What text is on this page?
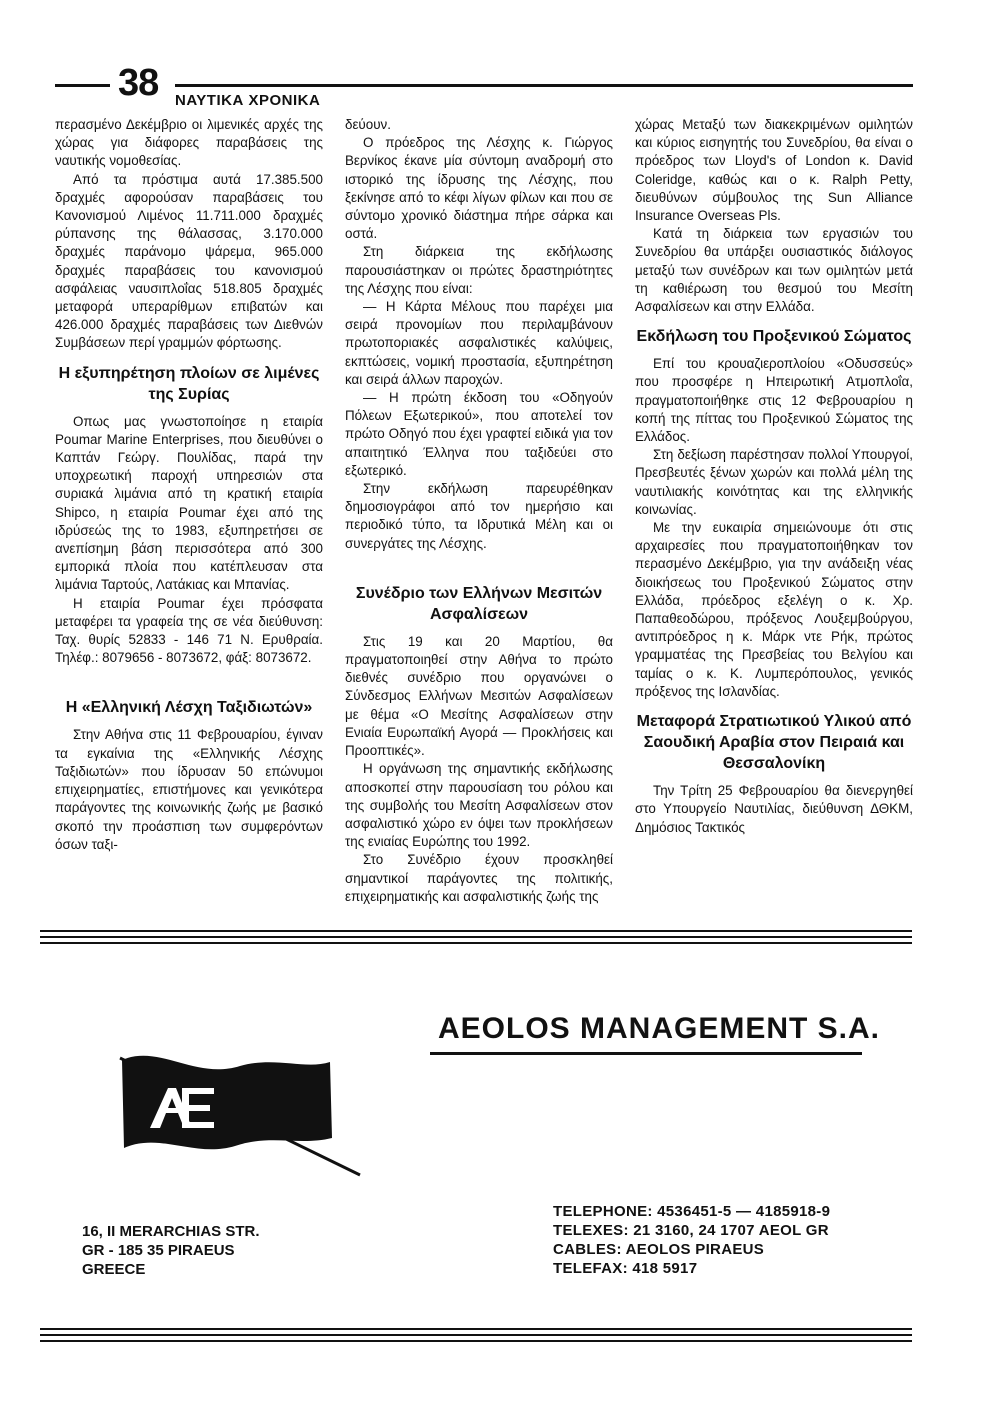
38 ΝΑΥΤΙΚΑ ΧΡΟΝΙΚΑ

περασμένο Δεκέμβριο οι λιμενικές αρχές της χώρας για διάφορες παραβάσεις της ναυτικής νομοθεσίας.

Από τα πρόστιμα αυτά 17.385.500 δραχμές αφορούσαν παραβάσεις του Κανονισμού Λιμένος 11.711.000 δραχμές ρύπανσης της θάλασσας, 3.170.000 δραχμές παράνομο ψάρεμα, 965.000 δραχμές παραβάσεις του κανονισμού ασφάλειας ναυσιπλοΐας 518.805 δραχμές μεταφορά υπεραρίθμων επιβατών και 426.000 δραχμές παραβάσεις των Διεθνών Συμβάσεων περί γραμμών φόρτωσης.

Η εξυπηρέτηση πλοίων σε λιμένες της Συρίας

Οπως μας γνωστοποίησε η εταιρία Poumar Marine Enterprises, που διευθύνει ο Καπτάν Γεώργ. Πουλίδας, παρά την υποχρεωτική παροχή υπηρεσιών στα συριακά λιμάνια από τη κρατική εταιρία Shipco, η εταιρία Poumar έχει από της ιδρύσεώς της το 1983, εξυπηρετήσει σε ανεπίσημη βάση περισσότερα από 300 εμπορικά πλοία που κατέπλευσαν στα λιμάνια Ταρτούς, Λατάκιας και Μπανίας.

Η εταιρία Poumar έχει πρόσφατα μεταφέρει τα γραφεία της σε νέα διεύθυνση: Ταχ. θυρίς 52833 - 146 71 Ν. Ερυθραία. Τηλέφ.: 8079656 - 8073672, φάξ: 8073672.

Η «Ελληνική Λέσχη Ταξιδιωτών»

Στην Αθήνα στις 11 Φεβρουαρίου, έγιναν τα εγκαίνια της «Ελληνικής Λέσχης Ταξιδιωτών» που ίδρυσαν 50 επώνυμοι επιχειρηματίες, επιστήμονες και γενικότερα παράγοντες της κοινωνικής ζωής με βασικό σκοπό την προάσπιση των συμφερόντων όσων ταξι-

δεύουν.

Ο πρόεδρος της Λέσχης κ. Γιώργος Βερνίκος έκανε μία σύντομη αναδρομή στο ιστορικό της ίδρυσης της Λέσχης, που ξεκίνησε από το κέφι λίγων φίλων και που σε σύντομο χρονικό διάστημα πήρε σάρκα και οστά.

Στη διάρκεια της εκδήλωσης παρουσιάστηκαν οι πρώτες δραστηριότητες της Λέσχης που είναι:

— Η Κάρτα Μέλους που παρέχει μια σειρά προνομίων που περιλαμβάνουν πρωτοποριακές ασφαλιστικές καλύψεις, εκπτώσεις, νομική προστασία, εξυπηρέτηση και σειρά άλλων παροχών.

— Η πρώτη έκδοση του «Οδηγούν Πόλεων Εξωτερικού», που αποτελεί τον πρώτο Οδηγό που έχει γραφτεί ειδικά για τον απαιτητικό Έλληνα που ταξιδεύει στο εξωτερικό.

Στην εκδήλωση παρευρέθηκαν δημοσιογράφοι από τον ημερήσιο και περιοδικό τύπο, τα Ιδρυτικά Μέλη και οι συνεργάτες της Λέσχης.

Συνέδριο των Ελλήνων Μεσιτών Ασφαλίσεων

Στις 19 και 20 Μαρτίου, θα πραγματοποιηθεί στην Αθήνα το πρώτο διεθνές συνέδριο που οργανώνει ο Σύνδεσμος Ελλήνων Μεσιτών Ασφαλίσεων με θέμα «Ο Μεσίτης Ασφαλίσεων στην Ενιαία Ευρωπαϊκή Αγορά — Προκλήσεις και Προοπτικές».

Η οργάνωση της σημαντικής εκδήλωσης αποσκοπεί στην παρουσίαση του ρόλου και της συμβολής του Μεσίτη Ασφαλίσεων στον ασφαλιστικό χώρο εν όψει των προκλήσεων της ενιαίας Ευρώπης του 1992.

Στο Συνέδριο έχουν προσκληθεί σημαντικοί παράγοντες της πολιτικής, επιχειρηματικής και ασφαλιστικής ζωής της

χώρας Μεταξύ των διακεκριμένων ομιλητών και κύριος εισηγητής του Συνεδρίου, θα είναι ο πρόεδρος των Lloyd's of London κ. David Coleridge, καθώς και ο κ. Ralph Petty, διευθύνων σύμβουλος της Sun Alliance Insurance Overseas Pls.

Κατά τη διάρκεια των εργασιών του Συνεδρίου θα υπάρξει ουσιαστικός διάλογος μεταξύ των συνέδρων και των ομιλητών μετά τη καθιέρωση του θεσμού του Μεσίτη Ασφαλίσεων και στην Ελλάδα.

Εκδήλωση του Προξενικού Σώματος

Επί του κρουαζιεροπλοίου «Οδυσσεύς» που προσφέρε η Ηπειρωτική Ατμοπλοΐα, πραγματοποιήθηκε στις 12 Φεβρουαρίου η κοπή της πίττας του Προξενικού Σώματος της Ελλάδος.

Στη δεξίωση παρέστησαν πολλοί Υπουργοί, Πρεσβευτές ξένων χωρών και πολλά μέλη της ναυτιλιακής κοινότητας και της ελληνικής κοινωνίας.

Με την ευκαιρία σημειώνουμε ότι στις αρχαιρεσίες που πραγματοποιήθηκαν τον περασμένο Δεκέμβριο, για την ανάδειξη νέας διοικήσεως του Προξενικού Σώματος στην Ελλάδα, πρόεδρος εξελέγη ο κ. Χρ. Παπαθεοδώρου, πρόξενος Λουξεμβούργου, αντιπρόεδρος η κ. Μάρκ ντε Ρήκ, πρώτος γραμματέας της Πρεσβείας του Βελγίου και ταμίας ο κ. Κ. Λυμπερόπουλος, γενικός πρόξενος της Ισλανδίας.

Μεταφορά Στρατιωτικού Υλικού από Σαουδική Αραβία στον Πειραιά και Θεσσαλονίκη

Την Τρίτη 25 Φεβρουαρίου θα διενεργηθεί στο Υπουργείο Ναυτιλίας, διεύθυνση ΔΘΚΜ, Δημόσιος Τακτικός

AEOLOS MANAGEMENT S.A.
16, II MERARCHIAS STR.
GR - 185 35 PIRAEUS
GREECE
TELEPHONE: 4536451-5 — 4185918-9
TELEXES: 21 3160, 24 1707 AEOL GR
CABLES: AEOLOS PIRAEUS
TELEFAX: 418 5917
